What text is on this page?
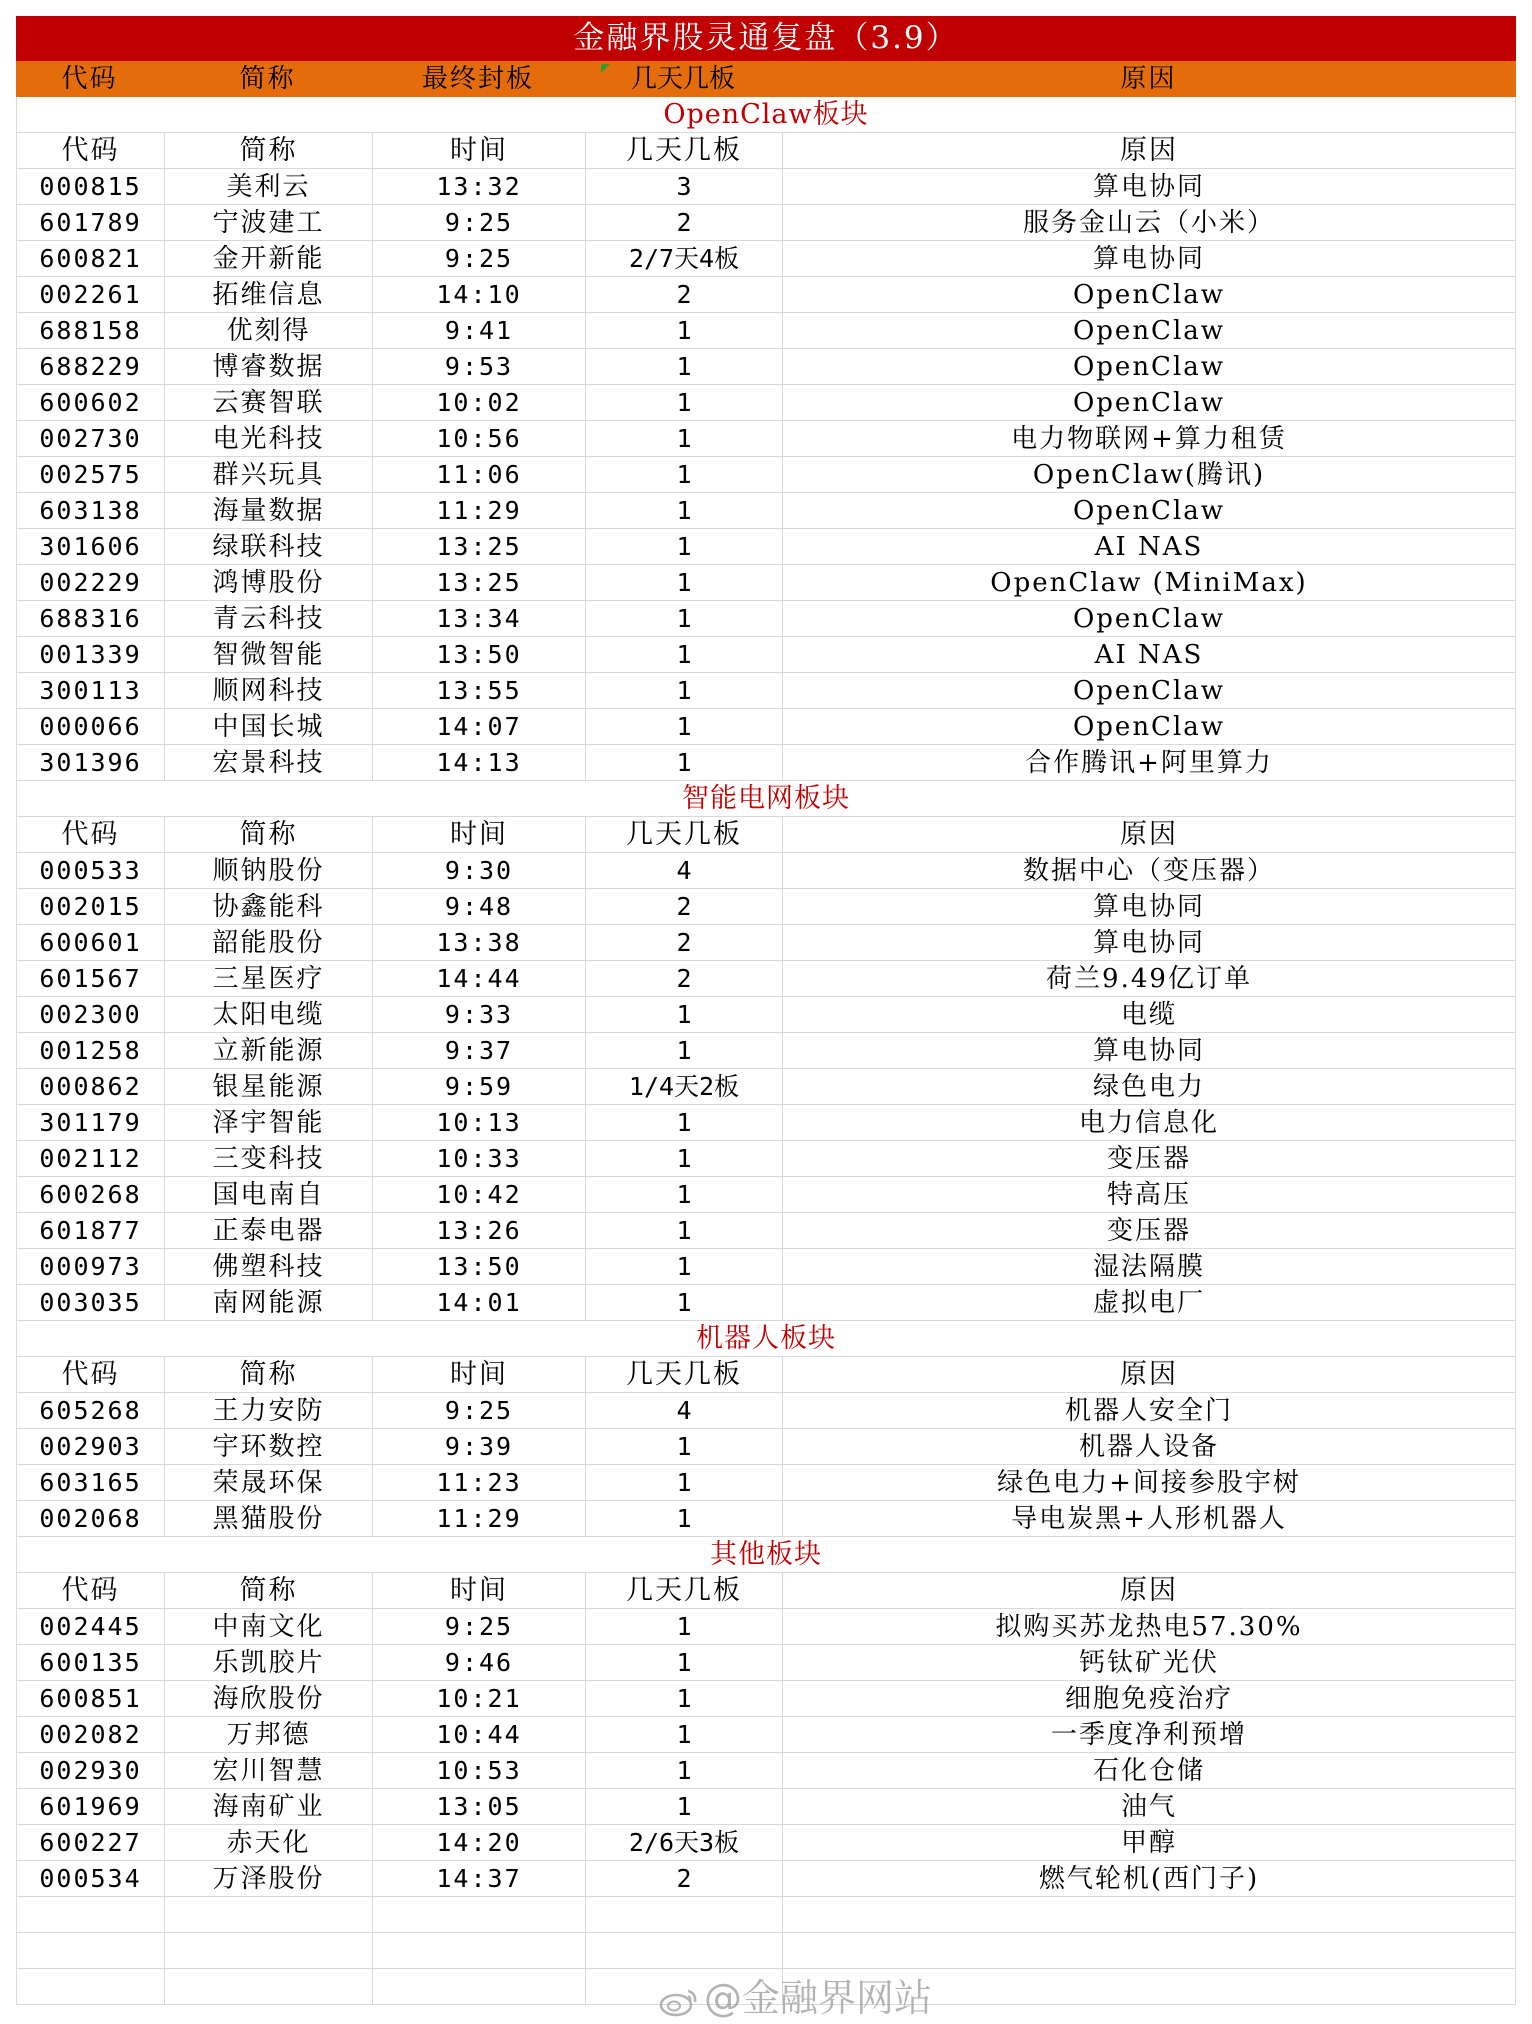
金融界股灵通复盘（3.9）
代码	简称	最终封板	几天几板	原因
OpenClaw板块
代码	简称	时间	几天几板	原因
000815	美利云	13:32	3	算电协同
601789	宁波建工	9:25	2	服务金山云（小米）
600821	金开新能	9:25	2/7天4板	算电协同
002261	拓维信息	14:10	2	OpenClaw
688158	优刻得	9:41	1	OpenClaw
688229	博睿数据	9:53	1	OpenClaw
600602	云赛智联	10:02	1	OpenClaw
002730	电光科技	10:56	1	电力物联网+算力租赁
002575	群兴玩具	11:06	1	OpenClaw(腾讯)
603138	海量数据	11:29	1	OpenClaw
301606	绿联科技	13:25	1	AI NAS
002229	鸿博股份	13:25	1	OpenClaw (MiniMax)
688316	青云科技	13:34	1	OpenClaw
001339	智微智能	13:50	1	AI NAS
300113	顺网科技	13:55	1	OpenClaw
000066	中国长城	14:07	1	OpenClaw
301396	宏景科技	14:13	1	合作腾讯+阿里算力
智能电网板块
代码	简称	时间	几天几板	原因
000533	顺钠股份	9:30	4	数据中心（变压器）
002015	协鑫能科	9:48	2	算电协同
600601	韶能股份	13:38	2	算电协同
601567	三星医疗	14:44	2	荷兰9.49亿订单
002300	太阳电缆	9:33	1	电缆
001258	立新能源	9:37	1	算电协同
000862	银星能源	9:59	1/4天2板	绿色电力
301179	泽宇智能	10:13	1	电力信息化
002112	三变科技	10:33	1	变压器
600268	国电南自	10:42	1	特高压
601877	正泰电器	13:26	1	变压器
000973	佛塑科技	13:50	1	湿法隔膜
003035	南网能源	14:01	1	虚拟电厂
机器人板块
代码	简称	时间	几天几板	原因
605268	王力安防	9:25	4	机器人安全门
002903	宇环数控	9:39	1	机器人设备
603165	荣晟环保	11:23	1	绿色电力+间接参股宇树
002068	黑猫股份	11:29	1	导电炭黑+人形机器人
其他板块
代码	简称	时间	几天几板	原因
002445	中南文化	9:25	1	拟购买苏龙热电57.30%
600135	乐凯胶片	9:46	1	钙钛矿光伏
600851	海欣股份	10:21	1	细胞免疫治疗
002082	万邦德	10:44	1	一季度净利预增
002930	宏川智慧	10:53	1	石化仓储
601969	海南矿业	13:05	1	油气
600227	赤天化	14:20	2/6天3板	甲醇
000534	万泽股份	14:37	2	燃气轮机(西门子)
@金融界网站
